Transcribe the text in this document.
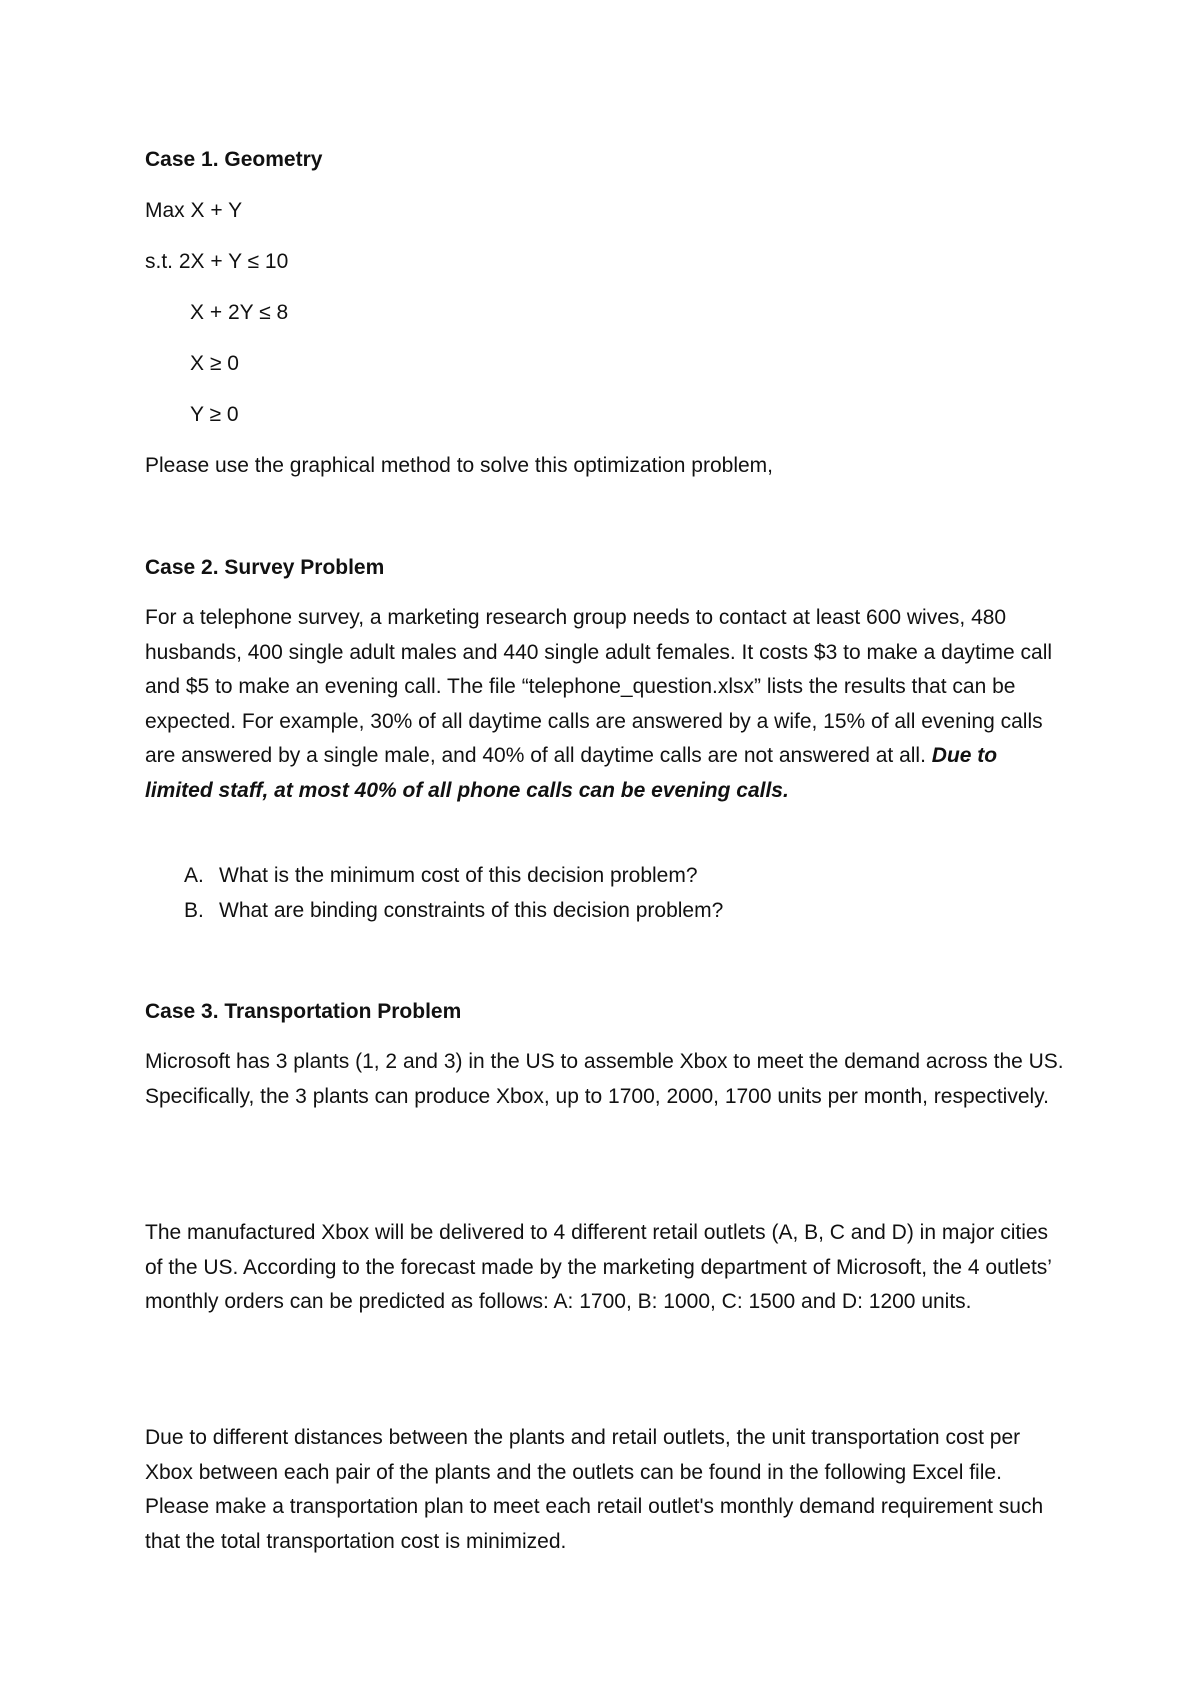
Case 1. Geometry
Max X + Y
s.t. 2X + Y ≤ 10
X + 2Y ≤ 8
X ≥ 0
Y ≥ 0
Please use the graphical method to solve this optimization problem,
Case 2. Survey Problem
For a telephone survey, a marketing research group needs to contact at least 600 wives, 480 husbands, 400 single adult males and 440 single adult females. It costs $3 to make a daytime call and $5 to make an evening call. The file “telephone_question.xlsx” lists the results that can be expected. For example, 30% of all daytime calls are answered by a wife, 15% of all evening calls are answered by a single male, and 40% of all daytime calls are not answered at all. Due to limited staff, at most 40% of all phone calls can be evening calls.
A. What is the minimum cost of this decision problem?
B. What are binding constraints of this decision problem?
Case 3. Transportation Problem
Microsoft has 3 plants (1, 2 and 3) in the US to assemble Xbox to meet the demand across the US. Specifically, the 3 plants can produce Xbox, up to 1700, 2000, 1700 units per month, respectively.
The manufactured Xbox will be delivered to 4 different retail outlets (A, B, C and D) in major cities of the US. According to the forecast made by the marketing department of Microsoft, the 4 outlets’ monthly orders can be predicted as follows: A: 1700, B: 1000, C: 1500 and D: 1200 units.
Due to different distances between the plants and retail outlets, the unit transportation cost per Xbox between each pair of the plants and the outlets can be found in the following Excel file. Please make a transportation plan to meet each retail outlet's monthly demand requirement such that the total transportation cost is minimized.
